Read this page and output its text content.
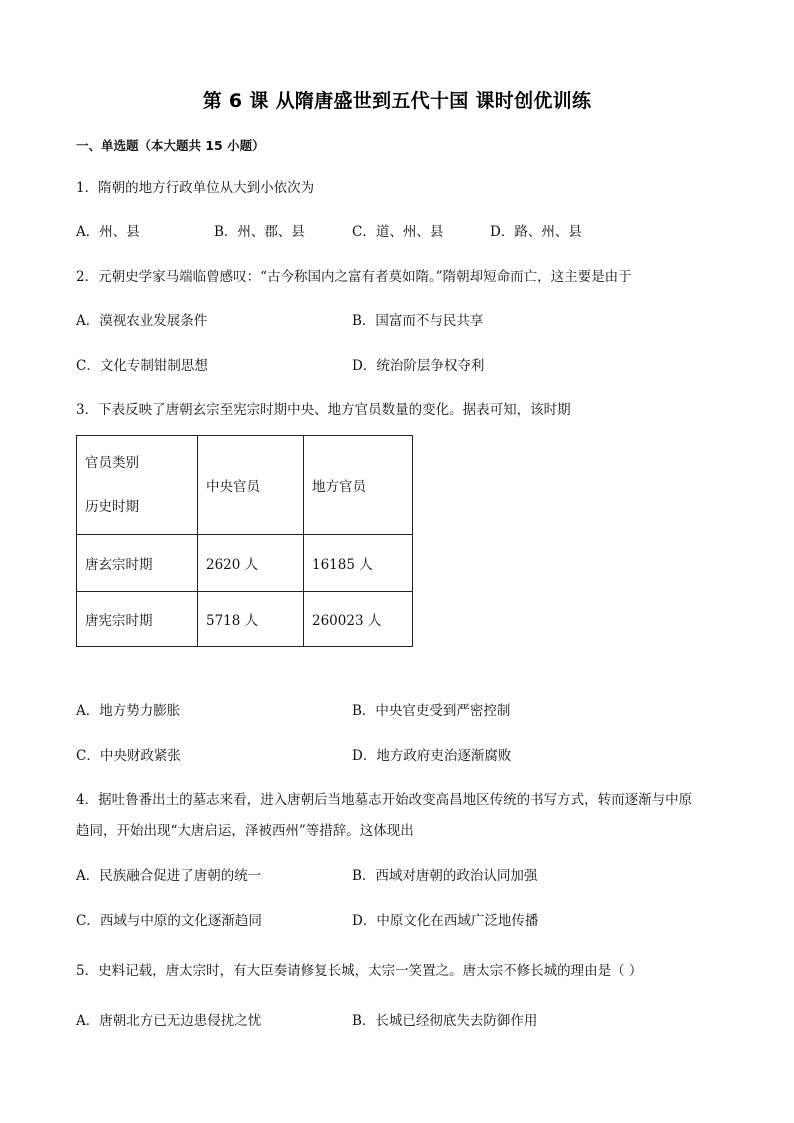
第 6 课 从隋唐盛世到五代十国 课时创优训练
一、单选题（本大题共 15 小题）
1．隋朝的地方行政单位从大到小依次为
A．州、县	B．州、郡、县	C．道、州、县	D．路、州、县
2．元朝史学家马端临曾感叹：“古今称国内之富有者莫如隋。”隋朝却短命而亡，这主要是由于
A．漠视农业发展条件	B．国富而不与民共享
C．文化专制钳制思想	D．统治阶层争权夺利
3．下表反映了唐朝玄宗至宪宗时期中央、地方官员数量的变化。据表可知，该时期
官员类别
历史时期	中央官员	地方官员
唐玄宗时期	2620 人	16185 人
唐宪宗时期	5718 人	260023 人
A．地方势力膨胀	B．中央官吏受到严密控制
C．中央财政紧张	D．地方政府吏治逐渐腐败
4．据吐鲁番出土的墓志来看，进入唐朝后当地墓志开始改变高昌地区传统的书写方式，转而逐渐与中原
趋同，开始出现“大唐启运，泽被西州”等措辞。这体现出
A．民族融合促进了唐朝的统一	B．西域对唐朝的政治认同加强
C．西域与中原的文化逐渐趋同	D．中原文化在西域广泛地传播
5．史料记载，唐太宗时，有大臣奏请修复长城，太宗一笑置之。唐太宗不修长城的理由是（ ）
A．唐朝北方已无边患侵扰之忧	B．长城已经彻底失去防御作用
